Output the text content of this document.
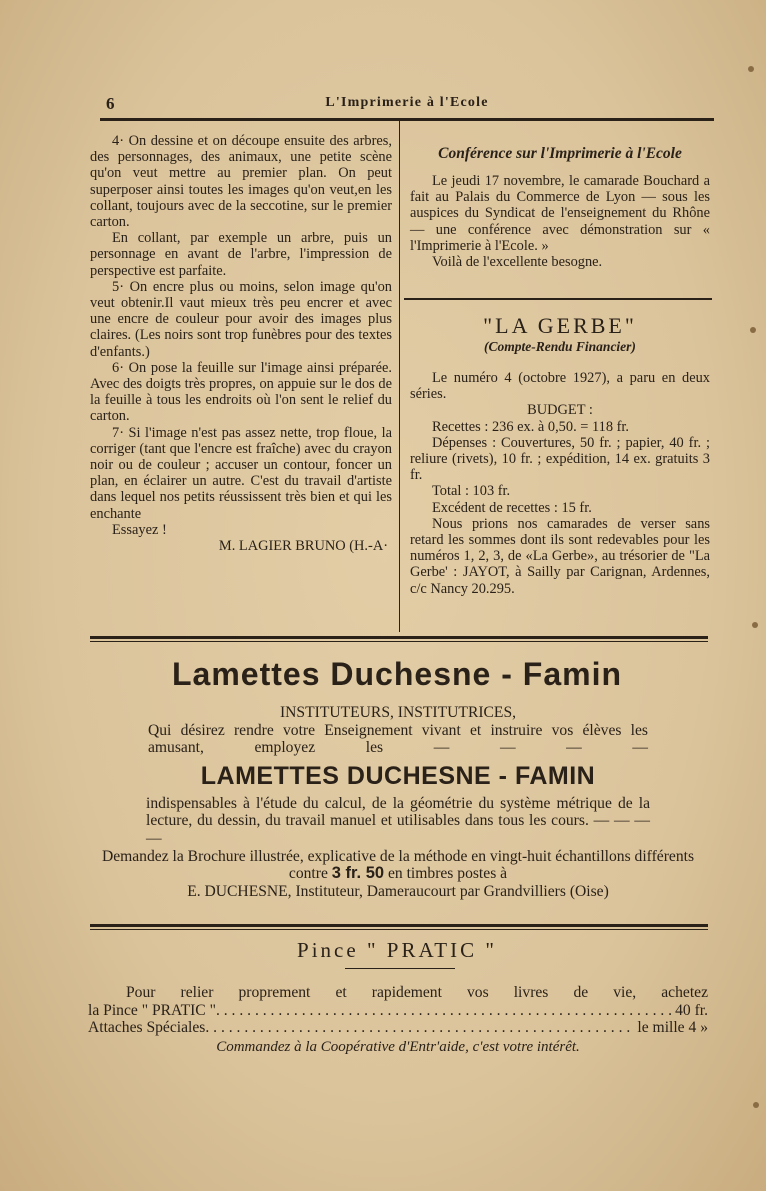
6	L'Imprimerie à l'Ecole

4· On dessine et on découpe ensuite des arbres, des personnages, des animaux, une petite scène qu'on veut mettre au premier plan. On peut superposer ainsi toutes les images qu'on veut,en les collant, toujours avec de la seccotine, sur le premier carton.

En collant, par exemple un arbre, puis un personnage en avant de l'arbre, l'impression de perspective est parfaite.

5· On encre plus ou moins, selon image qu'on veut obtenir.Il vaut mieux très peu encrer et avec une encre de couleur pour avoir des images plus claires. (Les noirs sont trop funèbres pour des textes d'enfants.)

6· On pose la feuille sur l'image ainsi préparée. Avec des doigts très propres, on appuie sur le dos de la feuille à tous les endroits où l'on sent le relief du carton.

7· Si l'image n'est pas assez nette, trop floue, la corriger (tant que l'encre est fraîche) avec du crayon noir ou de couleur ; accuser un contour, foncer un plan, en éclairer un autre. C'est du travail d'artiste dans lequel nos petits réussissent très bien et qui les enchante

Essayez !

M. LAGIER BRUNO (H.-A·

Conférence sur l'Imprimerie à l'Ecole

Le jeudi 17 novembre, le camarade Bouchard a fait au Palais du Commerce de Lyon — sous les auspices du Syndicat de l'enseignement du Rhône — une conférence avec démonstration sur « l'Imprimerie à l'Ecole. »

Voilà de l'excellente besogne.

"LA GERBE"
(Compte-Rendu Financier)

Le numéro 4 (octobre 1927), a paru en deux séries.

BUDGET :

Recettes : 236 ex. à 0,50. = 118 fr.

Dépenses : Couvertures, 50 fr. ; papier, 40 fr. ; reliure (rivets), 10 fr. ; expédition, 14 ex. gratuits 3 fr.

Total : 103 fr.

Excédent de recettes : 15 fr.

Nous prions nos camarades de verser sans retard les sommes dont ils sont redevables pour les numéros 1, 2, 3, de «La Gerbe», au trésorier de "La Gerbe' : JAYOT, à Sailly par Carignan, Ardennes, c/c Nancy 20.295.

Lamettes Duchesne - Famin

INSTITUTEURS, INSTITUTRICES,

Qui désirez rendre votre Enseignement vivant et instruire vos élèves les amusant, employez les — — — —

LAMETTES DUCHESNE - FAMIN

indispensables à l'étude du calcul, de la géométrie du système métrique de la lecture, du dessin, du travail manuel et utilisables dans tous les cours. — — — —

Demandez la Brochure illustrée, explicative de la méthode en vingt-huit échantillons différents contre 3 fr. 50 en timbres postes à

E. DUCHESNE, Instituteur, Dameraucourt par Grandvilliers (Oise)

Pince " PRATIC "

Pour relier proprement et rapidement vos livres de vie, achetez

la Pince " PRATIC " . . .	40 fr.

Attaches Spéciales . . .	le mille 4 »

Commandez à la Coopérative d'Entr'aide, c'est votre intérêt.
